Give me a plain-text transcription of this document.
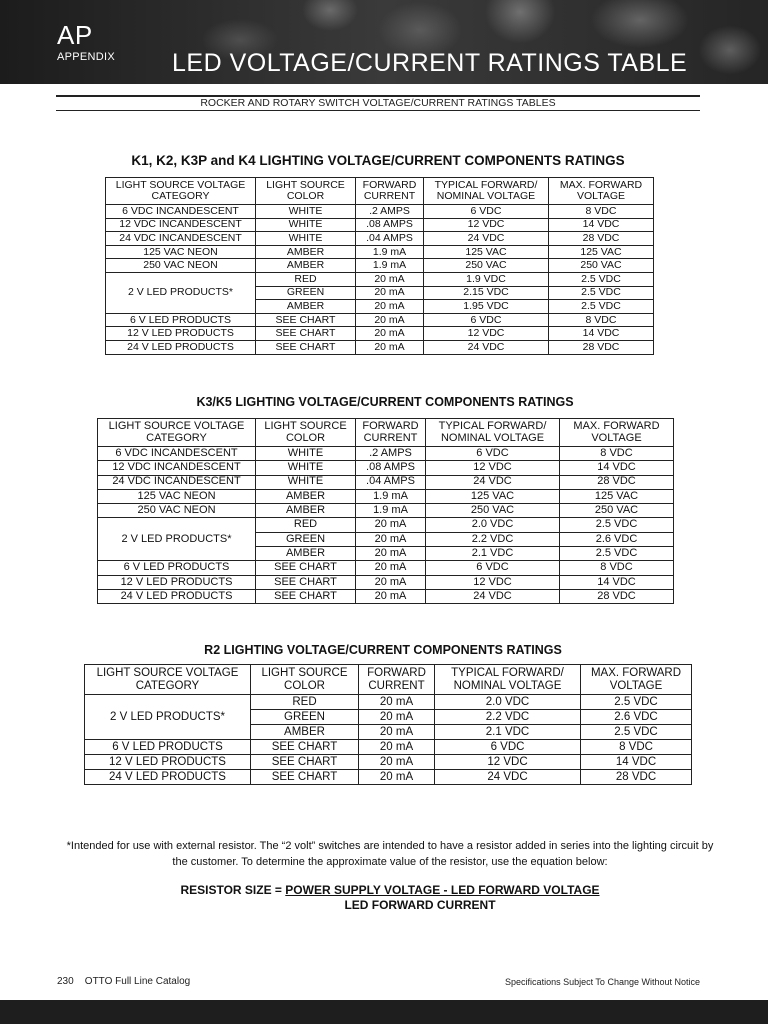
AP
APPENDIX LED VOLTAGE/CURRENT RATINGS TABLE
ROCKER AND ROTARY SWITCH VOLTAGE/CURRENT RATINGS TABLES
K1, K2, K3P and K4 LIGHTING VOLTAGE/CURRENT COMPONENTS RATINGS
LIGHT SOURCE VOLTAGE CATEGORY	LIGHT SOURCE COLOR	FORWARD CURRENT	TYPICAL FORWARD/ NOMINAL VOLTAGE	MAX. FORWARD VOLTAGE
6 VDC INCANDESCENT	WHITE	.2 AMPS	6 VDC	8 VDC
12 VDC INCANDESCENT	WHITE	.08 AMPS	12 VDC	14 VDC
24 VDC INCANDESCENT	WHITE	.04 AMPS	24 VDC	28 VDC
125 VAC NEON	AMBER	1.9 mA	125 VAC	125 VAC
250 VAC NEON	AMBER	1.9 mA	250 VAC	250 VAC
2 V LED PRODUCTS*	RED	20 mA	1.9 VDC	2.5 VDC
	GREEN	20 mA	2.15 VDC	2.5 VDC
	AMBER	20 mA	1.95 VDC	2.5 VDC
6 V LED PRODUCTS	SEE CHART	20 mA	6 VDC	8 VDC
12 V LED PRODUCTS	SEE CHART	20 mA	12 VDC	14 VDC
24 V LED PRODUCTS	SEE CHART	20 mA	24 VDC	28 VDC
K3/K5 LIGHTING VOLTAGE/CURRENT COMPONENTS RATINGS
LIGHT SOURCE VOLTAGE CATEGORY	LIGHT SOURCE COLOR	FORWARD CURRENT	TYPICAL FORWARD/ NOMINAL VOLTAGE	MAX. FORWARD VOLTAGE
6 VDC INCANDESCENT	WHITE	.2 AMPS	6 VDC	8 VDC
12 VDC INCANDESCENT	WHITE	.08 AMPS	12 VDC	14 VDC
24 VDC INCANDESCENT	WHITE	.04 AMPS	24 VDC	28 VDC
125 VAC NEON	AMBER	1.9 mA	125 VAC	125 VAC
250 VAC NEON	AMBER	1.9 mA	250 VAC	250 VAC
2 V LED PRODUCTS*	RED	20 mA	2.0 VDC	2.5 VDC
	GREEN	20 mA	2.2 VDC	2.6 VDC
	AMBER	20 mA	2.1 VDC	2.5 VDC
6 V LED PRODUCTS	SEE CHART	20 mA	6 VDC	8 VDC
12 V LED PRODUCTS	SEE CHART	20 mA	12 VDC	14 VDC
24 V LED PRODUCTS	SEE CHART	20 mA	24 VDC	28 VDC
R2 LIGHTING VOLTAGE/CURRENT COMPONENTS RATINGS
LIGHT SOURCE VOLTAGE CATEGORY	LIGHT SOURCE COLOR	FORWARD CURRENT	TYPICAL FORWARD/ NOMINAL VOLTAGE	MAX. FORWARD VOLTAGE
2 V LED PRODUCTS*	RED	20 mA	2.0 VDC	2.5 VDC
	GREEN	20 mA	2.2 VDC	2.6 VDC
	AMBER	20 mA	2.1 VDC	2.5 VDC
6 V LED PRODUCTS	SEE CHART	20 mA	6 VDC	8 VDC
12 V LED PRODUCTS	SEE CHART	20 mA	12 VDC	14 VDC
24 V LED PRODUCTS	SEE CHART	20 mA	24 VDC	28 VDC
*Intended for use with external resistor. The “2 volt” switches are intended to have a resistor added in series into the lighting circuit by the customer. To determine the approximate value of the resistor, use the equation below:
RESISTOR SIZE = POWER SUPPLY VOLTAGE - LED FORWARD VOLTAGE
LED FORWARD CURRENT
230    OTTO Full Line Catalog	Specifications Subject To Change Without Notice
